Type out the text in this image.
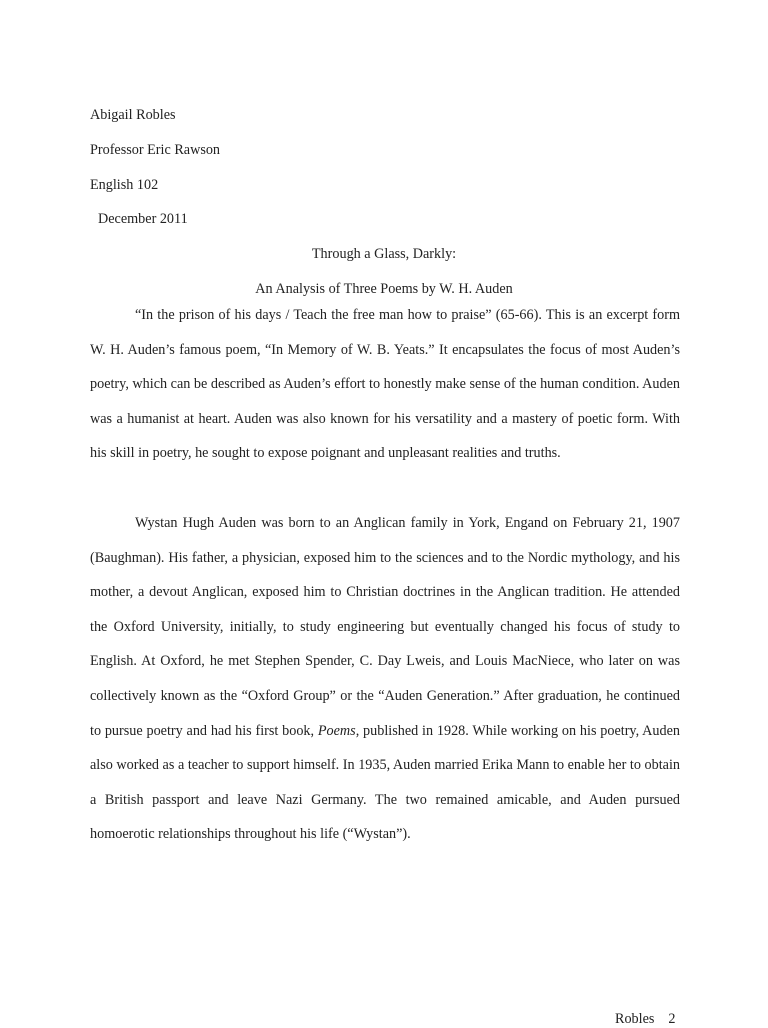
Abigail Robles
Professor Eric Rawson
English 102
December 2011
Through a Glass, Darkly:
An Analysis of Three Poems by W. H. Auden

“In the prison of his days / Teach the free man how to praise” (65-66). This is an excerpt form W. H. Auden’s famous poem, “In Memory of W. B. Yeats.” It encapsulates the focus of most Auden’s poetry, which can be described as Auden’s effort to honestly make sense of the human condition. Auden was a humanist at heart. Auden was also known for his versatility and a mastery of poetic form. With his skill in poetry, he sought to expose poignant and unpleasant realities and truths.

Wystan Hugh Auden was born to an Anglican family in York, Engand on February 21, 1907 (Baughman). His father, a physician, exposed him to the sciences and to the Nordic mythology, and his mother, a devout Anglican, exposed him to Christian doctrines in the Anglican tradition. He attended the Oxford University, initially, to study engineering but eventually changed his focus of study to English. At Oxford, he met Stephen Spender, C. Day Lweis, and Louis MacNiece, who later on was collectively known as the “Oxford Group” or the “Auden Generation.” After graduation, he continued to pursue poetry and had his first book, Poems, published in 1928. While working on his poetry, Auden also worked as a teacher to support himself. In 1935, Auden married Erika Mann to enable her to obtain a British passport and leave Nazi Germany. The two remained amicable, and Auden pursued homoerotic relationships throughout his life (“Wystan”).

Robles 2
